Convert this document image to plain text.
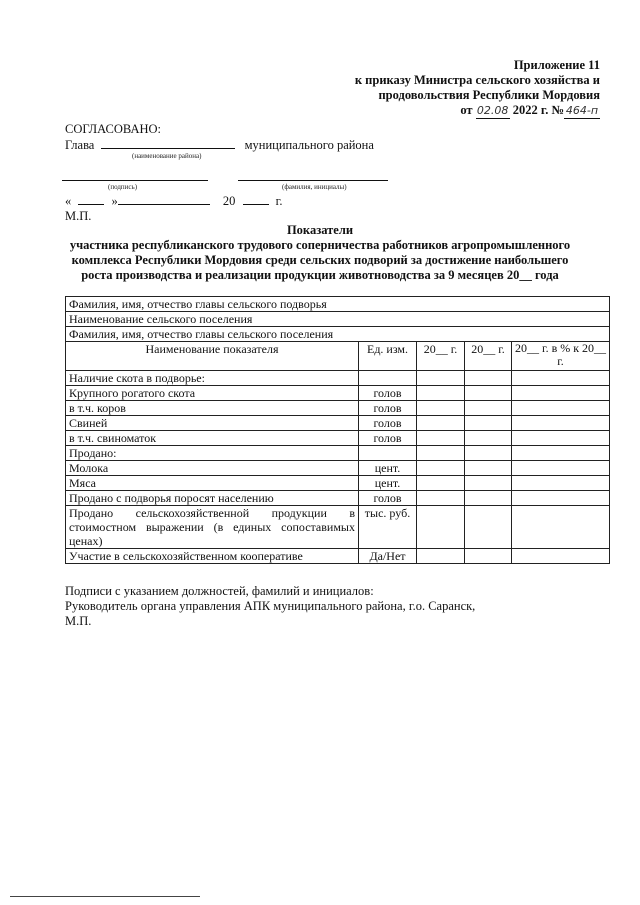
Приложение 11
к приказу Министра сельского хозяйства и
продовольствия Республики Мордовия
от 02.08 2022 г. № 464-п
СОГЛАСОВАНО:
Глава	муниципального района
(наименование района)
(подпись)	(фамилия, инициалы)
«	»	20	г.
М.П.
Показатели
участника республиканского трудового соперничества работников агропромышленного
комплекса Республики Мордовия среди сельских подворий за достижение наибольшего
роста производства и реализации продукции животноводства за 9 месяцев 20__ года
Фамилия, имя, отчество главы сельского подворья				
Наименование сельского поселения				
Фамилия, имя, отчество главы сельского поселения				
Наименование показателя	Ед. изм.	20__ г.	20__ г.	20__ г. в % к 20__ г.
Наличие скота в подворье:				
Крупного рогатого скота	голов			
в т.ч. коров	голов			
Свиней	голов			
в т.ч. свиноматок	голов			
Продано:				
Молока	цент.			
Мяса	цент.			
Продано с подворья поросят населению	голов			
Продано сельскохозяйственной продукции в стоимостном выражении (в единых сопоставимых ценах)	тыс. руб.			
Участие в сельскохозяйственном кооперативе	Да/Нет			
Подписи с указанием должностей, фамилий и инициалов:
Руководитель органа управления АПК муниципального района, г.о. Саранск,
М.П.
